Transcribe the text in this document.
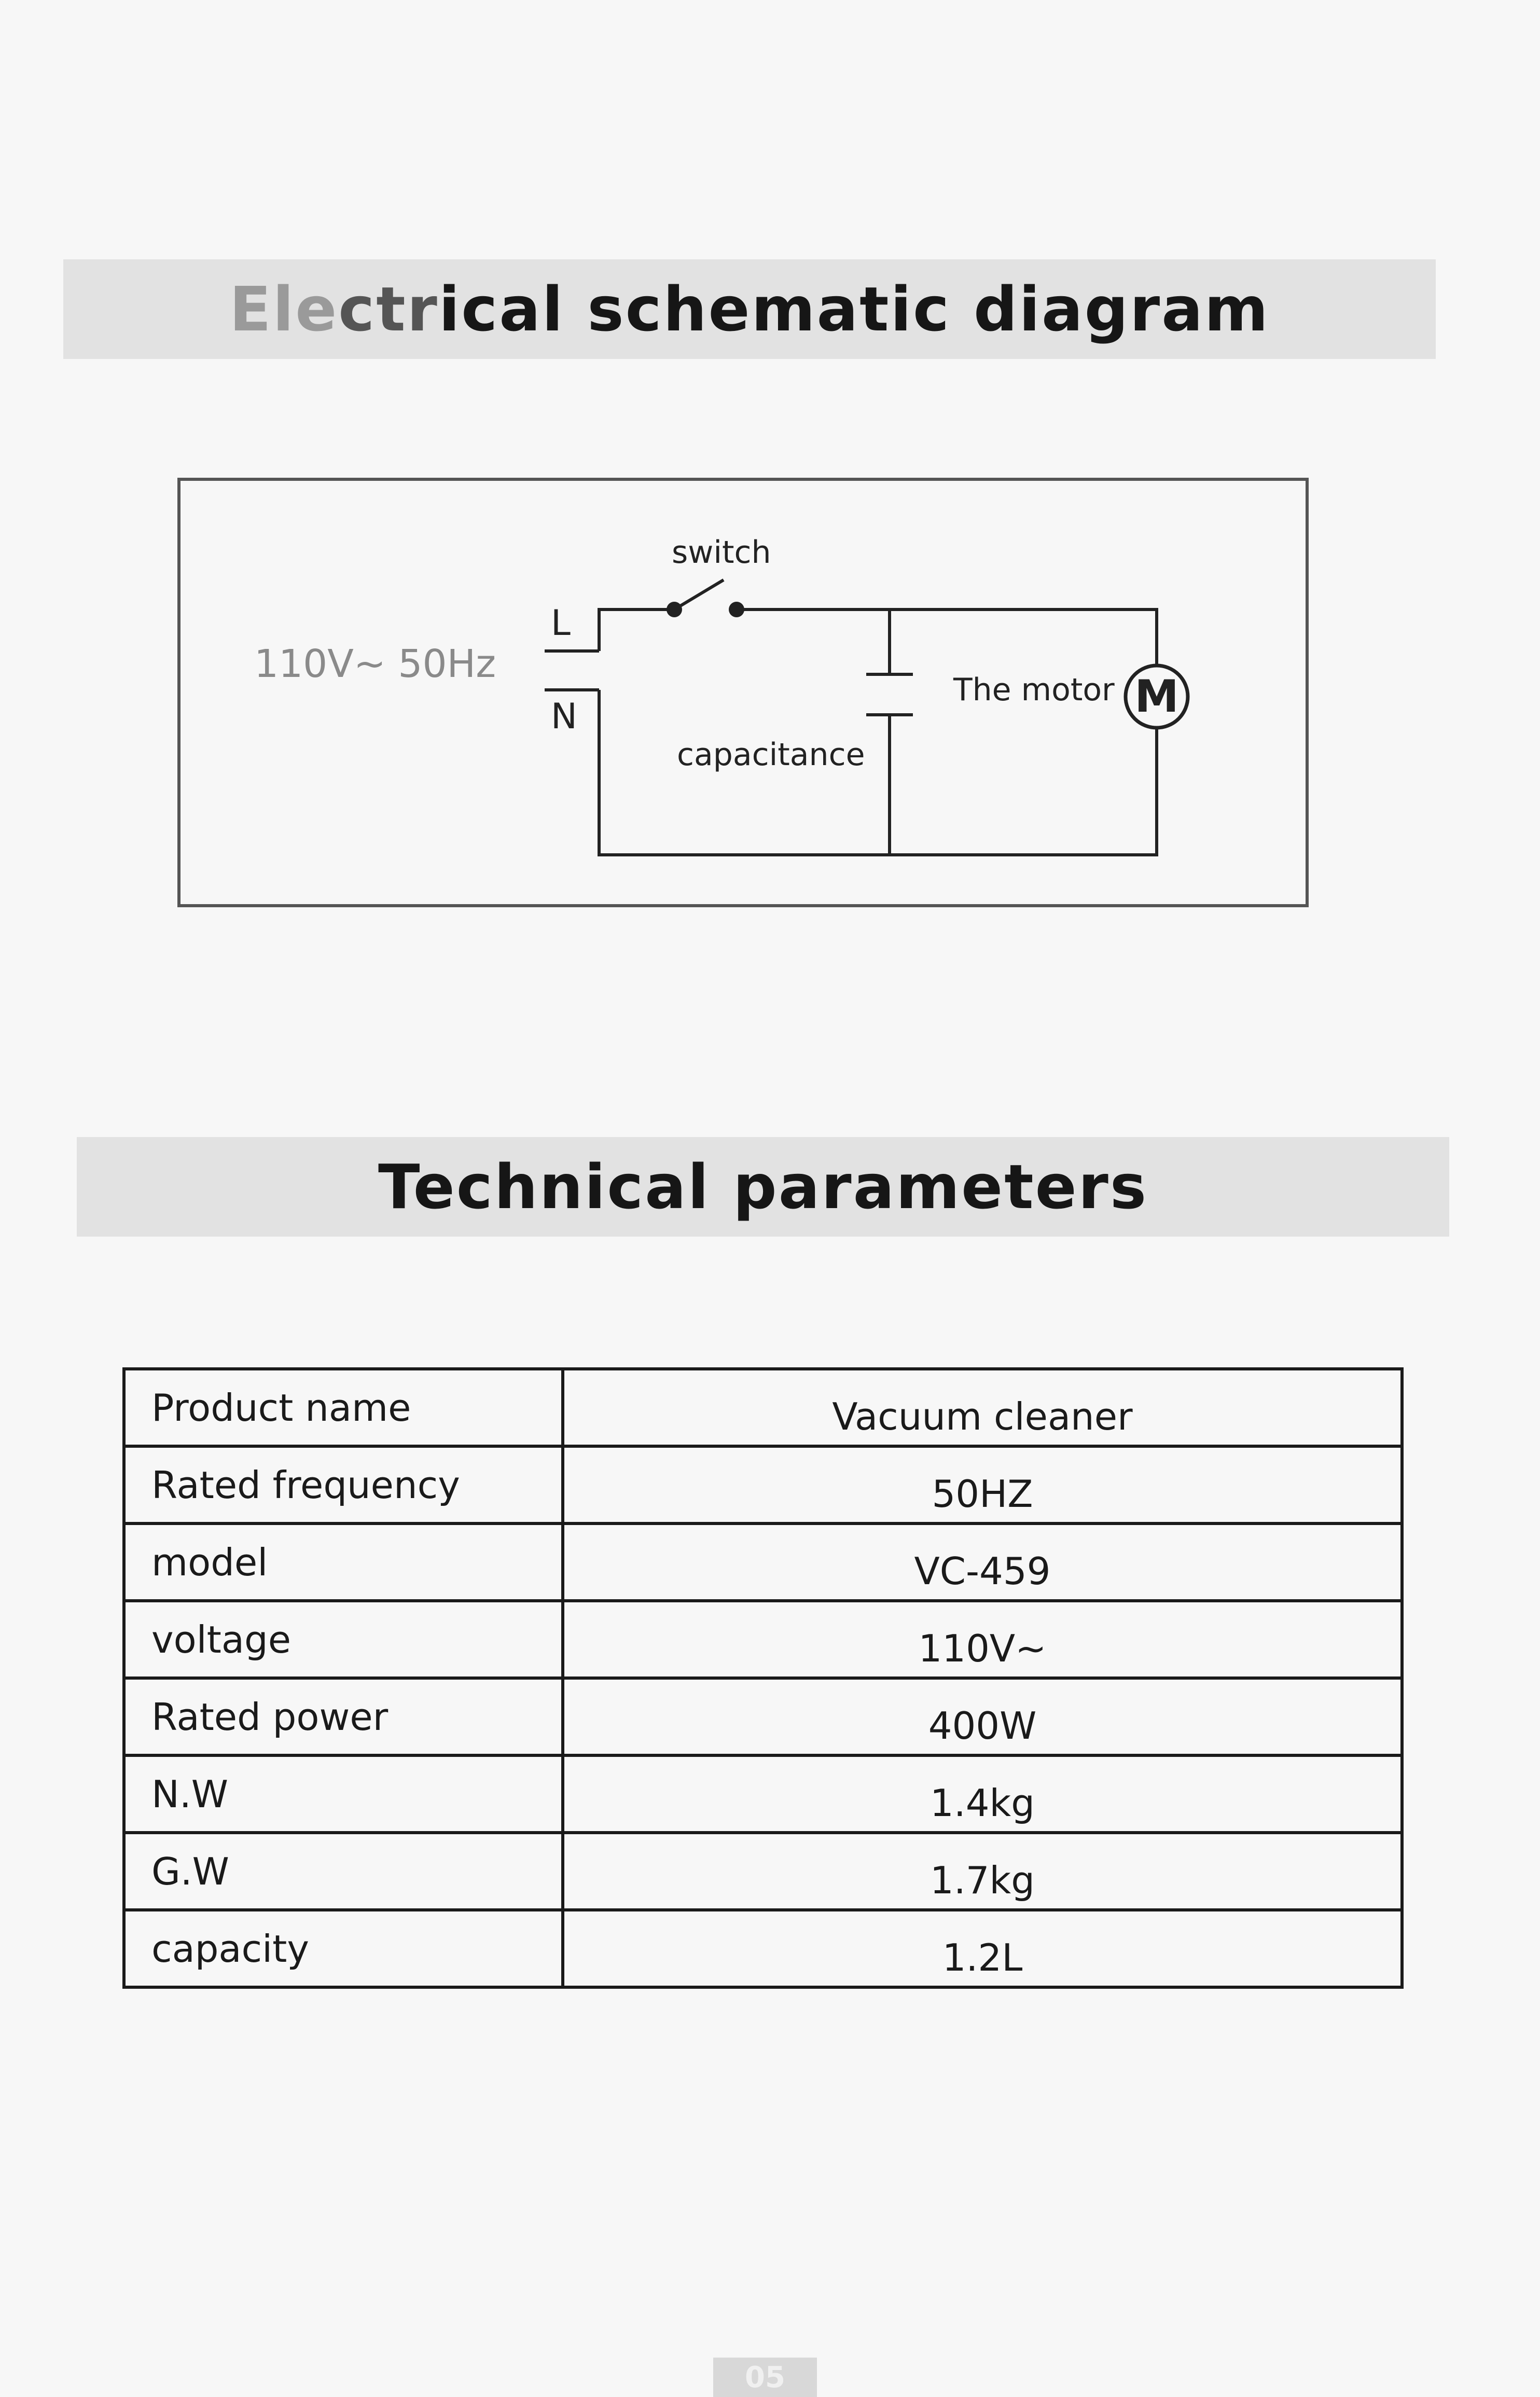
Electrical schematic diagram
110V~ 50Hz
L
N
switch
capacitance
The motor M
Technical parameters
Product name	Vacuum cleaner
Rated frequency	50HZ
model	VC-459
voltage	110V~
Rated power	400W
N.W	1.4kg
G.W	1.7kg
capacity	1.2L
05
